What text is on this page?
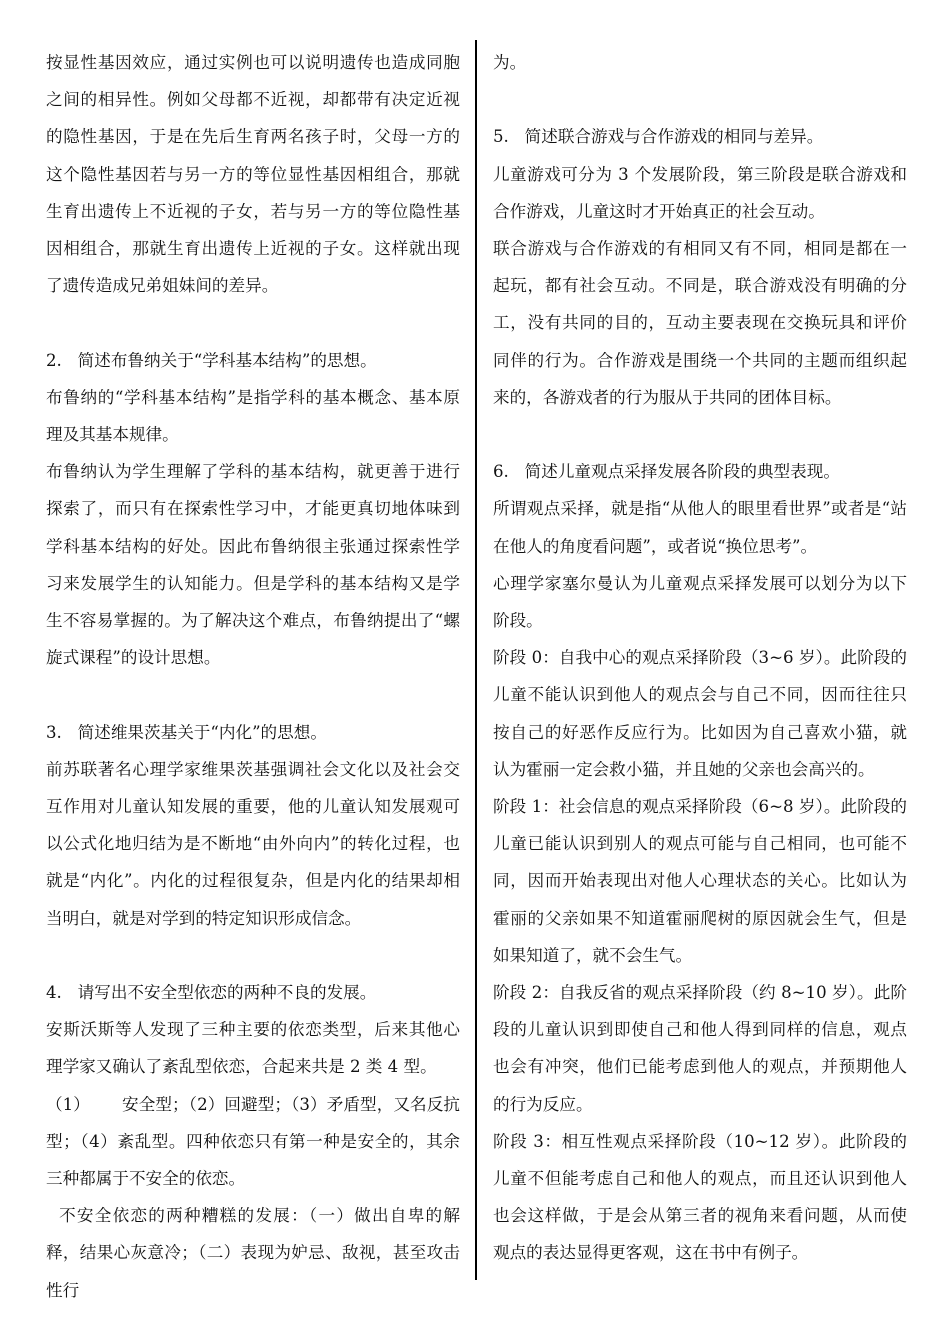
按显性基因效应，通过实例也可以说明遗传也造成同胞之间的相异性。例如父母都不近视，却都带有决定近视的隐性基因，于是在先后生育两名孩子时，父母一方的这个隐性基因若与另一方的等位显性基因相组合，那就生育出遗传上不近视的子女，若与另一方的等位隐性基因相组合，那就生育出遗传上近视的子女。这样就出现了遗传造成兄弟姐妹间的差异。

2.   简述布鲁纳关于“学科基本结构”的思想。

布鲁纳的“学科基本结构”是指学科的基本概念、基本原理及其基本规律。

布鲁纳认为学生理解了学科的基本结构，就更善于进行探索了，而只有在探索性学习中，才能更真切地体味到学科基本结构的好处。因此布鲁纳很主张通过探索性学习来发展学生的认知能力。但是学科的基本结构又是学生不容易掌握的。为了解决这个难点，布鲁纳提出了“螺旋式课程”的设计思想。

3.   简述维果茨基关于“内化”的思想。

前苏联著名心理学家维果茨基强调社会文化以及社会交互作用对儿童认知发展的重要，他的儿童认知发展观可以公式化地归结为是不断地“由外向内”的转化过程，也就是“内化”。内化的过程很复杂，但是内化的结果却相当明白，就是对学到的特定知识形成信念。

4.   请写出不安全型依恋的两种不良的发展。

安斯沃斯等人发现了三种主要的依恋类型，后来其他心理学家又确认了紊乱型依恋，合起来共是 2 类 4 型。

（1）      安全型；（2）回避型；（3）矛盾型，又名反抗型；（4）紊乱型。四种依恋只有第一种是安全的，其余三种都属于不安全的依恋。

不安全依恋的两种糟糕的发展：（一）做出自卑的解释，结果心灰意冷；（二）表现为妒忌、敌视，甚至攻击性行

为。

5.   简述联合游戏与合作游戏的相同与差异。

儿童游戏可分为 3 个发展阶段，第三阶段是联合游戏和合作游戏，儿童这时才开始真正的社会互动。

联合游戏与合作游戏的有相同又有不同，相同是都在一起玩，都有社会互动。不同是，联合游戏没有明确的分工，没有共同的目的，互动主要表现在交换玩具和评价同伴的行为。合作游戏是围绕一个共同的主题而组织起来的，各游戏者的行为服从于共同的团体目标。

6.   简述儿童观点采择发展各阶段的典型表现。

所谓观点采择，就是指“从他人的眼里看世界”或者是“站在他人的角度看问题”，或者说“换位思考”。

心理学家塞尔曼认为儿童观点采择发展可以划分为以下阶段。

阶段 0：自我中心的观点采择阶段（3~6 岁）。此阶段的儿童不能认识到他人的观点会与自己不同，因而往往只按自己的好恶作反应行为。比如因为自己喜欢小猫，就认为霍丽一定会救小猫，并且她的父亲也会高兴的。

阶段 1：社会信息的观点采择阶段（6~8 岁）。此阶段的儿童已能认识到别人的观点可能与自己相同，也可能不同，因而开始表现出对他人心理状态的关心。比如认为霍丽的父亲如果不知道霍丽爬树的原因就会生气，但是如果知道了，就不会生气。

阶段 2：自我反省的观点采择阶段（约 8~10 岁）。此阶段的儿童认识到即使自己和他人得到同样的信息，观点也会有冲突，他们已能考虑到他人的观点，并预期他人的行为反应。

阶段 3：相互性观点采择阶段（10~12 岁）。此阶段的儿童不但能考虑自己和他人的观点，而且还认识到他人也会这样做，于是会从第三者的视角来看问题，从而使观点的表达显得更客观，这在书中有例子。
